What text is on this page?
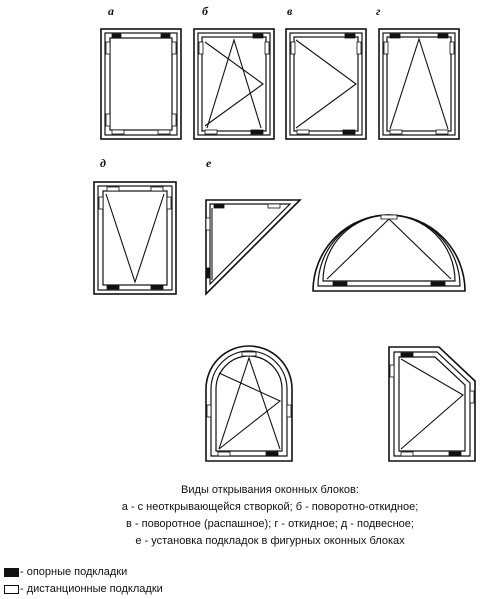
а	б	в	г
д	е
Виды открывания оконных блоков:
а - с неоткрывающейся створкой; б - поворотно-откидное;
в - поворотное (распашное); г - откидное; д - подвесное;
е - установка подкладок в фигурных оконных блоках
- опорные подкладки
- дистанционные подкладки
